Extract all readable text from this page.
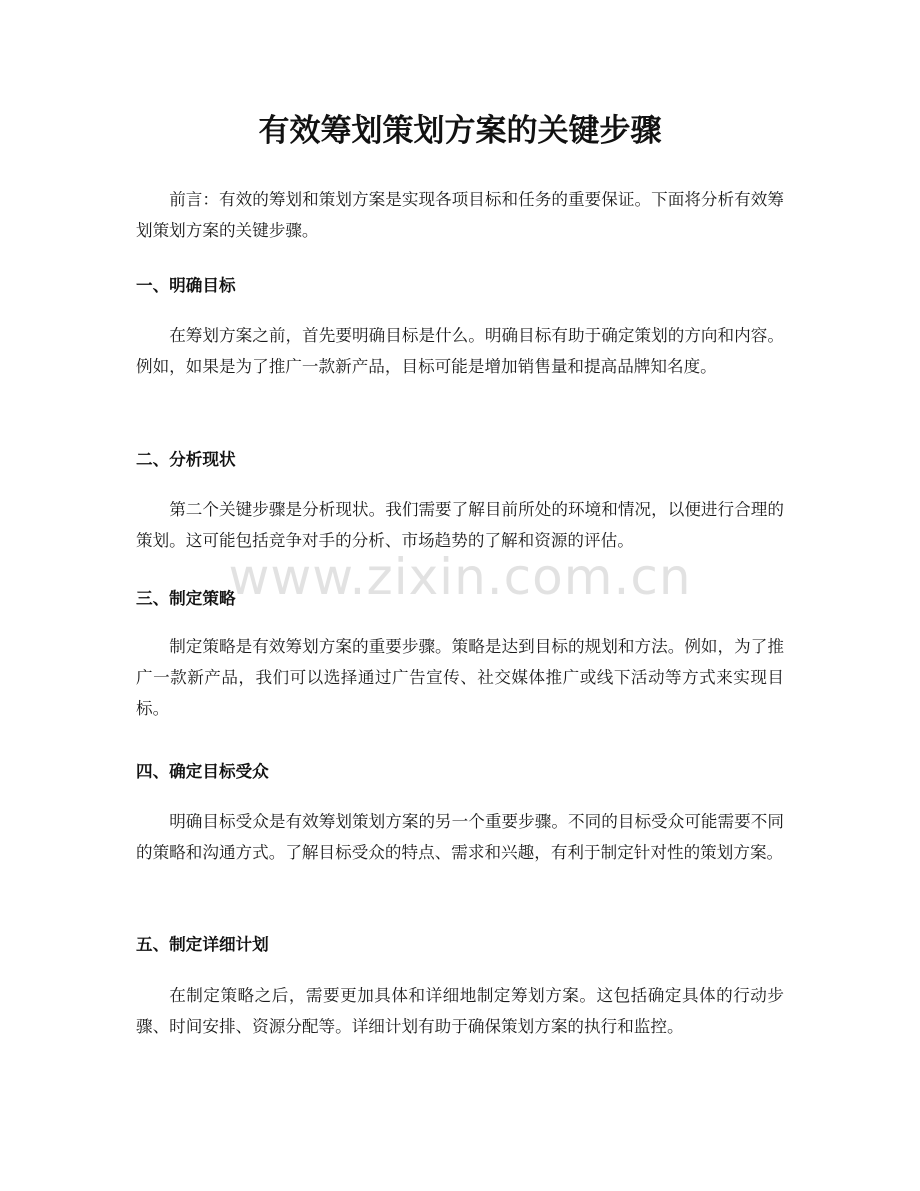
有效筹划策划方案的关键步骤

前言：有效的筹划和策划方案是实现各项目标和任务的重要保证。下面将分析有效筹划策划方案的关键步骤。

一、明确目标

在筹划方案之前，首先要明确目标是什么。明确目标有助于确定策划的方向和内容。例如，如果是为了推广一款新产品，目标可能是增加销售量和提高品牌知名度。

二、分析现状

第二个关键步骤是分析现状。我们需要了解目前所处的环境和情况，以便进行合理的策划。这可能包括竞争对手的分析、市场趋势的了解和资源的评估。

三、制定策略

制定策略是有效筹划方案的重要步骤。策略是达到目标的规划和方法。例如，为了推广一款新产品，我们可以选择通过广告宣传、社交媒体推广或线下活动等方式来实现目标。

四、确定目标受众

明确目标受众是有效筹划策划方案的另一个重要步骤。不同的目标受众可能需要不同的策略和沟通方式。了解目标受众的特点、需求和兴趣，有利于制定针对性的策划方案。

五、制定详细计划

在制定策略之后，需要更加具体和详细地制定筹划方案。这包括确定具体的行动步骤、时间安排、资源分配等。详细计划有助于确保策划方案的执行和监控。

www.zixin.com.cn
